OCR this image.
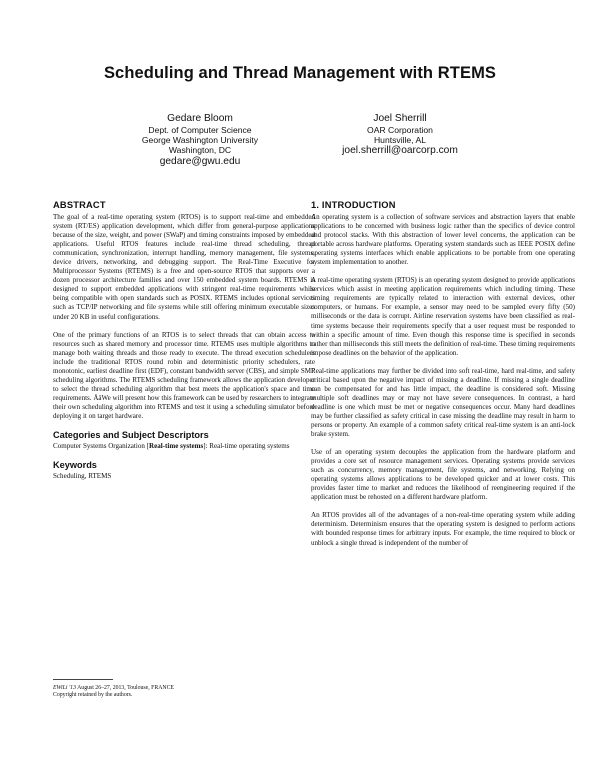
Scheduling and Thread Management with RTEMS
Gedare Bloom
Dept. of Computer Science
George Washington University
Washington, DC
gedare@gwu.edu
Joel Sherrill
OAR Corporation
Huntsville, AL
joel.sherrill@oarcorp.com
ABSTRACT

The goal of a real-time operating system (RTOS) is to support real-time and embedded system (RT/ES) application development, which differ from general-purpose applications because of the size, weight, and power (SWaP) and timing constraints imposed by embedded applications. Useful RTOS features include real-time thread scheduling, thread communication, synchronization, interrupt handling, memory management, file systems, device drivers, networking, and debugging support. The Real-Time Executive for Multiprocessor Systems (RTEMS) is a free and open-source RTOS that supports over a dozen processor architecture families and over 150 embedded system boards. RTEMS is designed to support embedded applications with stringent real-time requirements while being compatible with open standards such as POSIX. RTEMS includes optional services such as TCP/IP networking and file systems while still offering minimum executable sizes under 20 KB in useful configurations.

One of the primary functions of an RTOS is to select threads that can obtain access to resources such as shared memory and processor time. RTEMS uses multiple algorithms to manage both waiting threads and those ready to execute. The thread execution schedulers include the traditional RTOS round robin and deterministic priority schedulers, rate monotonic, earliest deadline first (EDF), constant bandwidth server (CBS), and simple SMP scheduling algorithms. The RTEMS scheduling framework allows the application developer to select the thread scheduling algorithm that best meets the application's space and time requirements. ÄäWe will present how this framework can be used by researchers to integrate their own scheduling algorithm into RTEMS and test it using a scheduling simulator before deploying it on target hardware.

Categories and Subject Descriptors

Computer Systems Organization [Real-time systems]: Real-time operating systems

Keywords

Scheduling, RTEMS

EWiLi '13 August 26–27, 2013, Toulouse, FRANCE
Copyright retained by the authors.
1. INTRODUCTION

An operating system is a collection of software services and abstraction layers that enable applications to be concerned with business logic rather than the specifics of device control and protocol stacks. With this abstraction of lower level concerns, the application can be portable across hardware platforms. Operating system standards such as IEEE POSIX define operating systems interfaces which enable applications to be portable from one operating system implementation to another.

A real-time operating system (RTOS) is an operating system designed to provide applications services which assist in meeting application requirements which including timing. These timing requirements are typically related to interaction with external devices, other computers, or humans. For example, a sensor may need to be sampled every fifty (50) milliseconds or the data is corrupt. Airline reservation systems have been classified as real-time systems because their requirements specify that a user request must be responded to within a specific amount of time. Even though this response time is specified in seconds rather than milliseconds this still meets the definition of real-time. These timing requirements impose deadlines on the behavior of the application.

Real-time applications may further be divided into soft real-time, hard real-time, and safety critical based upon the negative impact of missing a deadline. If missing a single deadline can be compensated for and has little impact, the deadline is considered soft. Missing multiple soft deadlines may or may not have severe consequences. In contrast, a hard deadline is one which must be met or negative consequences occur. Many hard deadlines may be further classified as safety critical in case missing the deadline may result in harm to persons or property. An example of a common safety critical real-time system is an anti-lock brake system.

Use of an operating system decouples the application from the hardware platform and provides a core set of resource management services. Operating systems provide services such as concurrency, memory management, file systems, and networking. Relying on operating systems allows applications to be developed quicker and at lower costs. This provides faster time to market and reduces the likelihood of reengineering required if the application must be rehosted on a different hardware platform.

An RTOS provides all of the advantages of a non-real-time operating system while adding determinism. Determinism ensures that the operating system is designed to perform actions with bounded response times for arbitrary inputs. For example, the time required to block or unblock a single thread is independent of the number of
